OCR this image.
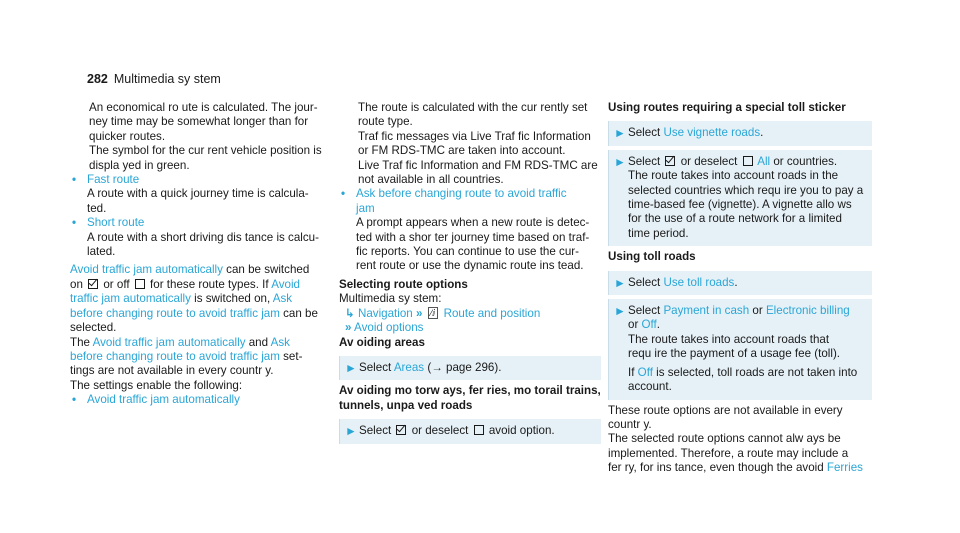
282 Multimedia sy stem
An economical ro ute is calculated. The jour‐
ney time may be somewhat longer than for
quicker routes.
The symbol for the cur rent vehicle position is
displa yed in green.
• Fast route
A route with a quick journey time is calcula‐
ted.
• Short route
A route with a short driving dis tance is calcu‐
lated.
Avoid traffic jam automatically can be switched
on  or off  for these route types. If Avoid
traffic jam automatically is switched on, Ask
before changing route to avoid traffic jam can be
selected.
The Avoid traffic jam automatically and Ask
before changing route to avoid traffic jam set-
tings are not available in every countr y.
The settings enable the following:
• Avoid traffic jam automatically
The route is calculated with the cur rently set
route type.
Traf fic messages via Live Traf fic Information
or FM RDS-TMC are taken into account.
Live Traf fic Information and FM RDS-TMC are
not available in all countries.
• Ask before changing route to avoid traffic
jam
A prompt appears when a new route is detec‐
ted with a shor ter journey time based on traf‐
fic reports. You can continue to use the cur‐
rent route or use the dynamic route ins tead.
Selecting route options
Multimedia sy stem:
↳ Navigation » ⁄ⅈ Route and position
» Avoid options
Av oiding areas
► Select Areas (→ page 296).
Av oiding mo torw ays, fer ries, mo torail trains,
tunnels, unpa ved roads
► Select  or deselect  avoid option.
Using routes requiring a special toll sticker
► Select Use vignette roads.
► Select  or deselect All or countries.
The route takes into account roads in the
selected countries which requ ire you to pay a
time-based fee (vignette). A vignette allo ws
for the use of a route network for a limited
time period.
Using toll roads
► Select Use toll roads.
► Select Payment in cash or Electronic billing
or Off.
The route takes into account roads that
requ ire the payment of a usage fee (toll).
If Off is selected, toll roads are not taken into
account.
These route options are not available in every
countr y.
The selected route options cannot alw ays be
implemented. Therefore, a route may include a
fer ry, for ins tance, even though the avoid Ferries
